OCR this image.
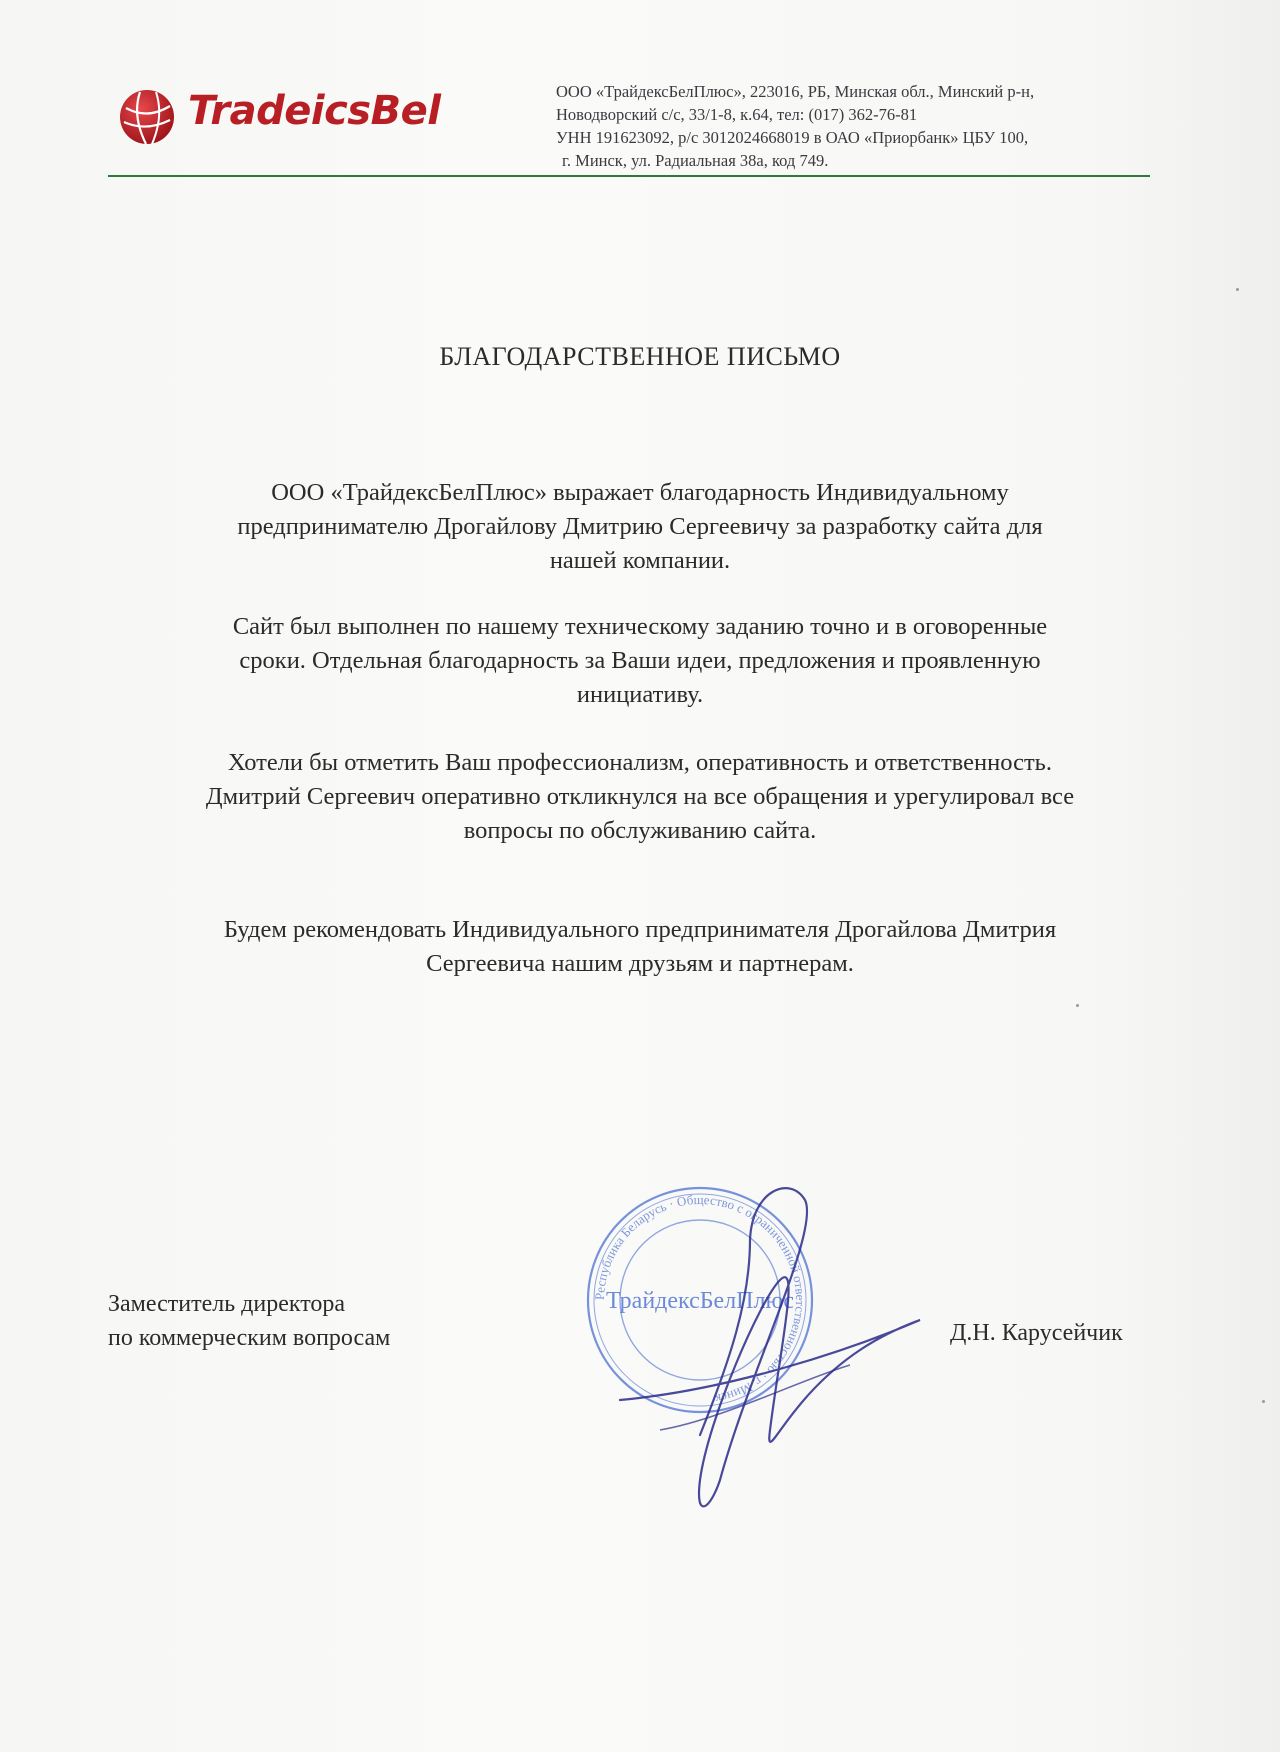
TradeicsBel	ООО «ТрайдексБелПлюс», 223016, РБ, Минская обл., Минский р-н,
Новодворский с/с, 33/1-8, к.64, тел: (017) 362-76-81
УНН 191623092, р/с 3012024668019 в ОАО «Приорбанк» ЦБУ 100,
г. Минск, ул. Радиальная 38а, код 749.
БЛАГОДАРСТВЕННОЕ ПИСЬМО
ООО «ТрайдексБелПлюс» выражает благодарность Индивидуальному
предпринимателю Дрогайлову Дмитрию Сергеевичу за разработку сайта для
нашей компании.
Сайт был выполнен по нашему техническому заданию точно и в оговоренные
сроки. Отдельная благодарность за Ваши идеи, предложения и проявленную
инициативу.
Хотели бы отметить Ваш профессионализм, оперативность и ответственность.
Дмитрий Сергеевич оперативно откликнулся на все обращения и урегулировал все
вопросы по обслуживанию сайта.
Будем рекомендовать Индивидуального предпринимателя Дрогайлова Дмитрия
Сергеевича нашим друзьям и партнерам.
Заместитель директора
по коммерческим вопросам
Республика Беларусь · Общество с ограниченной ответственностью · г. Минск
ТрайдексБелПлюс
Д.Н. Карусейчик
